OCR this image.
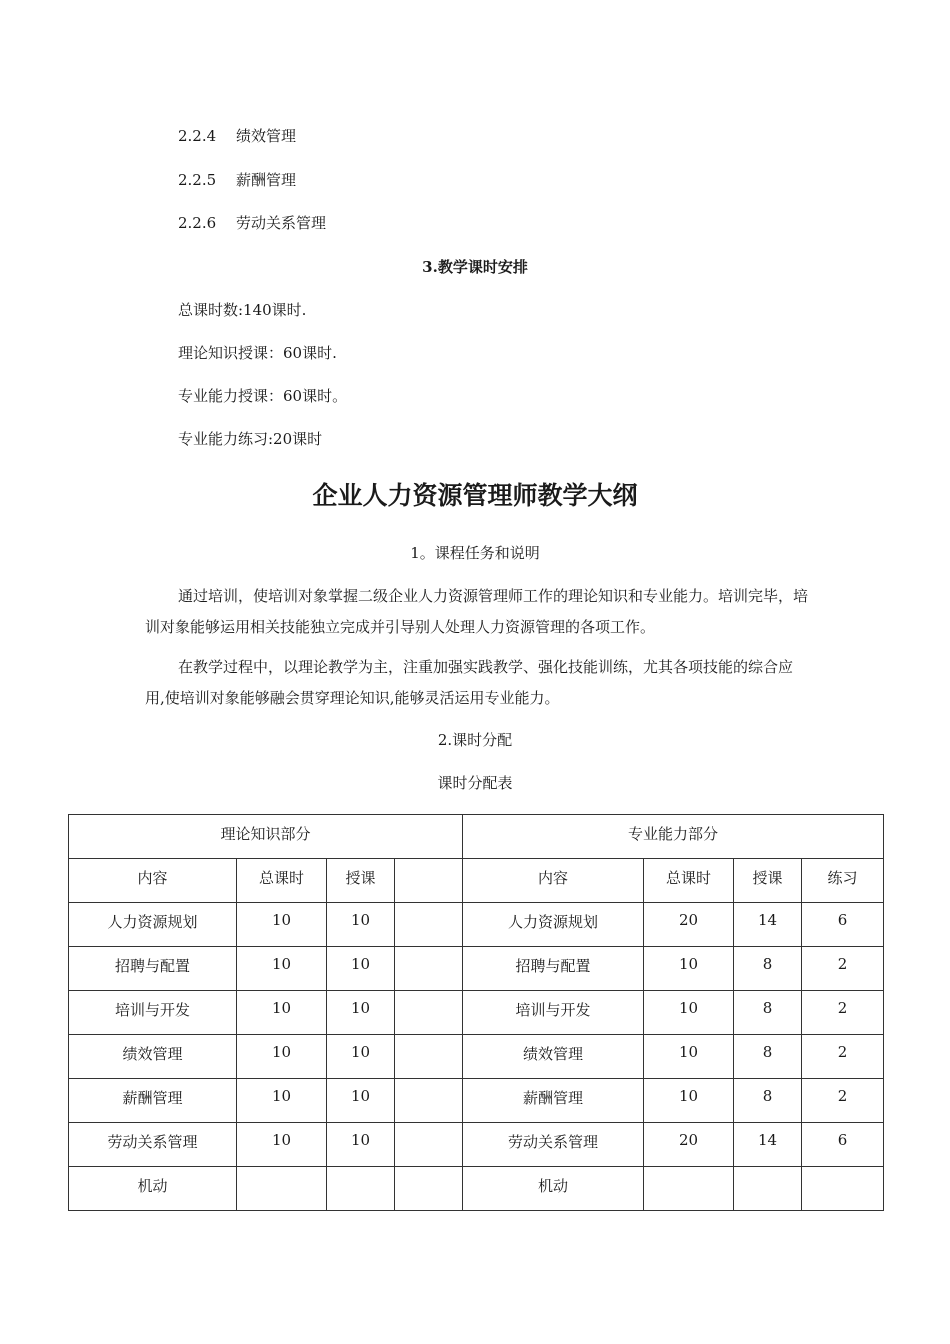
2.2.4 绩效管理
2.2.5 薪酬管理
2.2.6 劳动关系管理
3.教学课时安排
总课时数:140课时.
理论知识授课：60课时.
专业能力授课：60课时。
专业能力练习:20课时
企业人力资源管理师教学大纲
1。课程任务和说明

通过培训，使培训对象掌握二级企业人力资源管理师工作的理论知识和专业能力。培训完毕，培训对象能够运用相关技能独立完成并引导别人处理人力资源管理的各项工作。

在教学过程中，以理论教学为主，注重加强实践教学、强化技能训练，尤其各项技能的综合应用,使培训对象能够融会贯穿理论知识,能够灵活运用专业能力。

2.课时分配
课时分配表
理论知识部分				专业能力部分			
内容	总课时	授课		内容	总课时	授课	练习
人力资源规划	10	10		人力资源规划	20	14	6
招聘与配置	10	10		招聘与配置	10	8	2
培训与开发	10	10		培训与开发	10	8	2
绩效管理	10	10		绩效管理	10	8	2
薪酬管理	10	10		薪酬管理	10	8	2
劳动关系管理	10	10		劳动关系管理	20	14	6
机动				机动			
